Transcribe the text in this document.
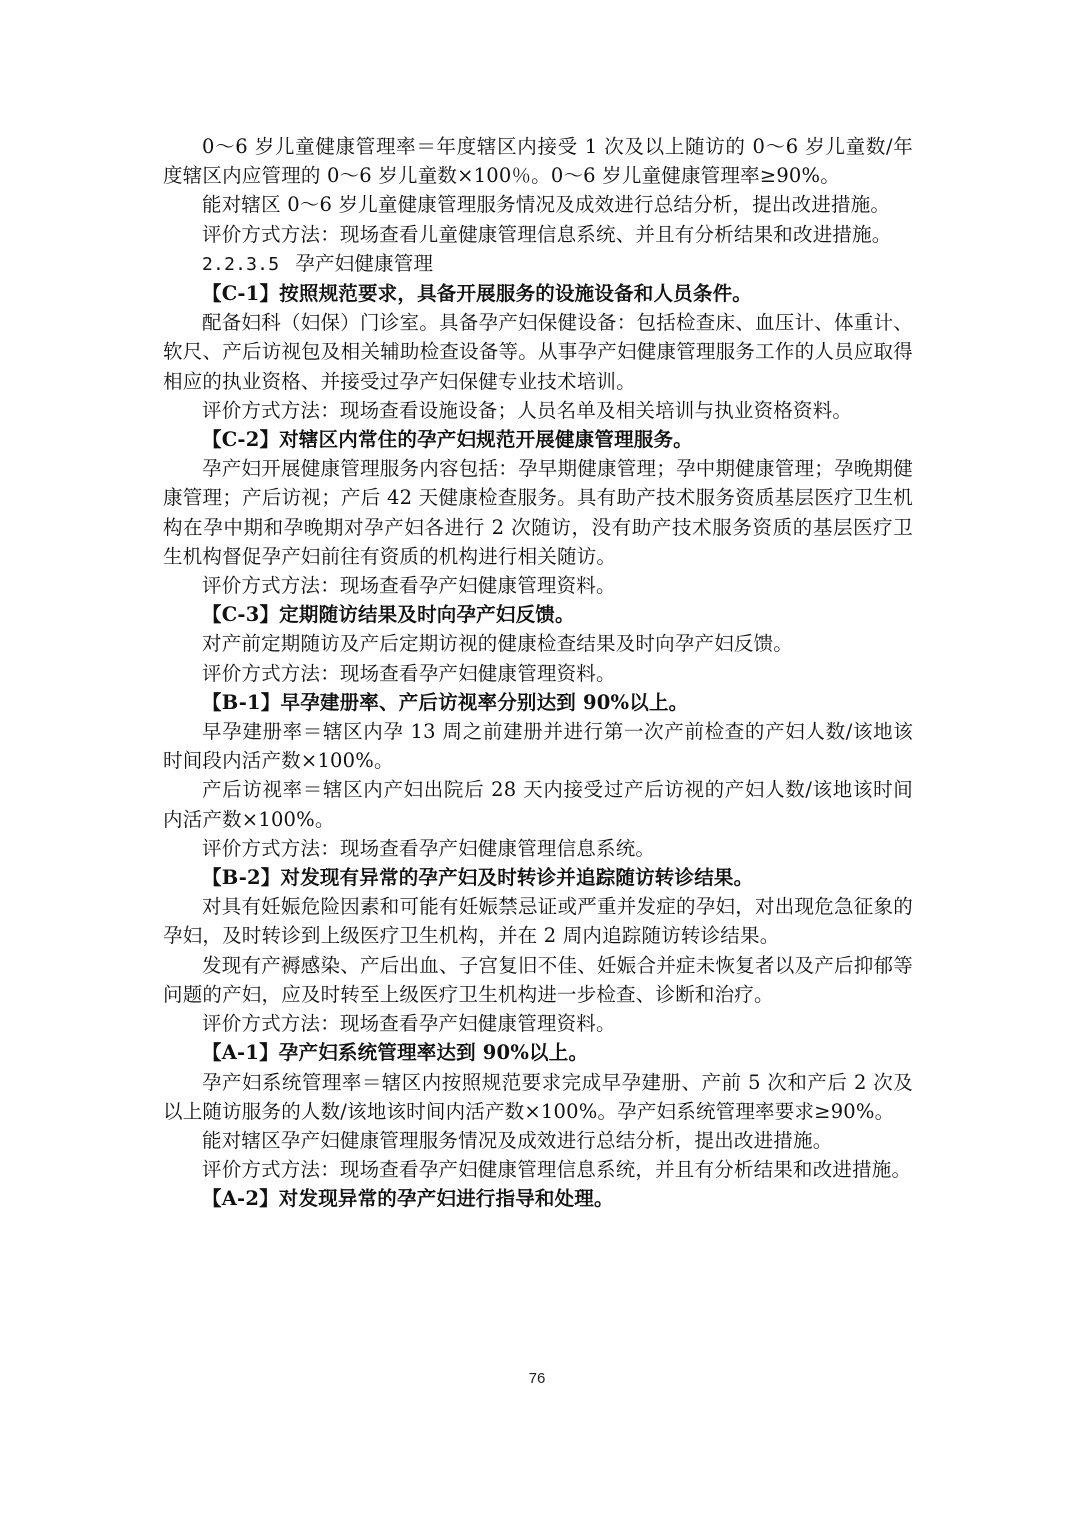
0～6 岁儿童健康管理率＝年度辖区内接受 1 次及以上随访的 0～6 岁儿童数/年度辖区内应管理的 0～6 岁儿童数×100％。0～6 岁儿童健康管理率≥90%。

能对辖区 0～6 岁儿童健康管理服务情况及成效进行总结分析，提出改进措施。

评价方式方法：现场查看儿童健康管理信息系统、并且有分析结果和改进措施。

2.2.3.5 孕产妇健康管理

【C-1】按照规范要求，具备开展服务的设施设备和人员条件。

配备妇科（妇保）门诊室。具备孕产妇保健设备：包括检查床、血压计、体重计、软尺、产后访视包及相关辅助检查设备等。从事孕产妇健康管理服务工作的人员应取得相应的执业资格、并接受过孕产妇保健专业技术培训。

评价方式方法：现场查看设施设备；人员名单及相关培训与执业资格资料。

【C-2】对辖区内常住的孕产妇规范开展健康管理服务。

孕产妇开展健康管理服务内容包括：孕早期健康管理；孕中期健康管理；孕晚期健康管理；产后访视；产后 42 天健康检查服务。具有助产技术服务资质基层医疗卫生机构在孕中期和孕晚期对孕产妇各进行 2 次随访，没有助产技术服务资质的基层医疗卫生机构督促孕产妇前往有资质的机构进行相关随访。

评价方式方法：现场查看孕产妇健康管理资料。

【C-3】定期随访结果及时向孕产妇反馈。

对产前定期随访及产后定期访视的健康检查结果及时向孕产妇反馈。

评价方式方法：现场查看孕产妇健康管理资料。

【B-1】早孕建册率、产后访视率分别达到 90%以上。

早孕建册率＝辖区内孕 13 周之前建册并进行第一次产前检查的产妇人数/该地该时间段内活产数×100%。

产后访视率＝辖区内产妇出院后 28 天内接受过产后访视的产妇人数/该地该时间内活产数×100%。

评价方式方法：现场查看孕产妇健康管理信息系统。

【B-2】对发现有异常的孕产妇及时转诊并追踪随访转诊结果。

对具有妊娠危险因素和可能有妊娠禁忌证或严重并发症的孕妇，对出现危急征象的孕妇，及时转诊到上级医疗卫生机构，并在 2 周内追踪随访转诊结果。

发现有产褥感染、产后出血、子宫复旧不佳、妊娠合并症未恢复者以及产后抑郁等问题的产妇，应及时转至上级医疗卫生机构进一步检查、诊断和治疗。

评价方式方法：现场查看孕产妇健康管理资料。

【A-1】孕产妇系统管理率达到 90%以上。

孕产妇系统管理率＝辖区内按照规范要求完成早孕建册、产前 5 次和产后 2 次及以上随访服务的人数/该地该时间内活产数×100%。孕产妇系统管理率要求≥90%。

能对辖区孕产妇健康管理服务情况及成效进行总结分析，提出改进措施。

评价方式方法：现场查看孕产妇健康管理信息系统，并且有分析结果和改进措施。

【A-2】对发现异常的孕产妇进行指导和处理。

76
